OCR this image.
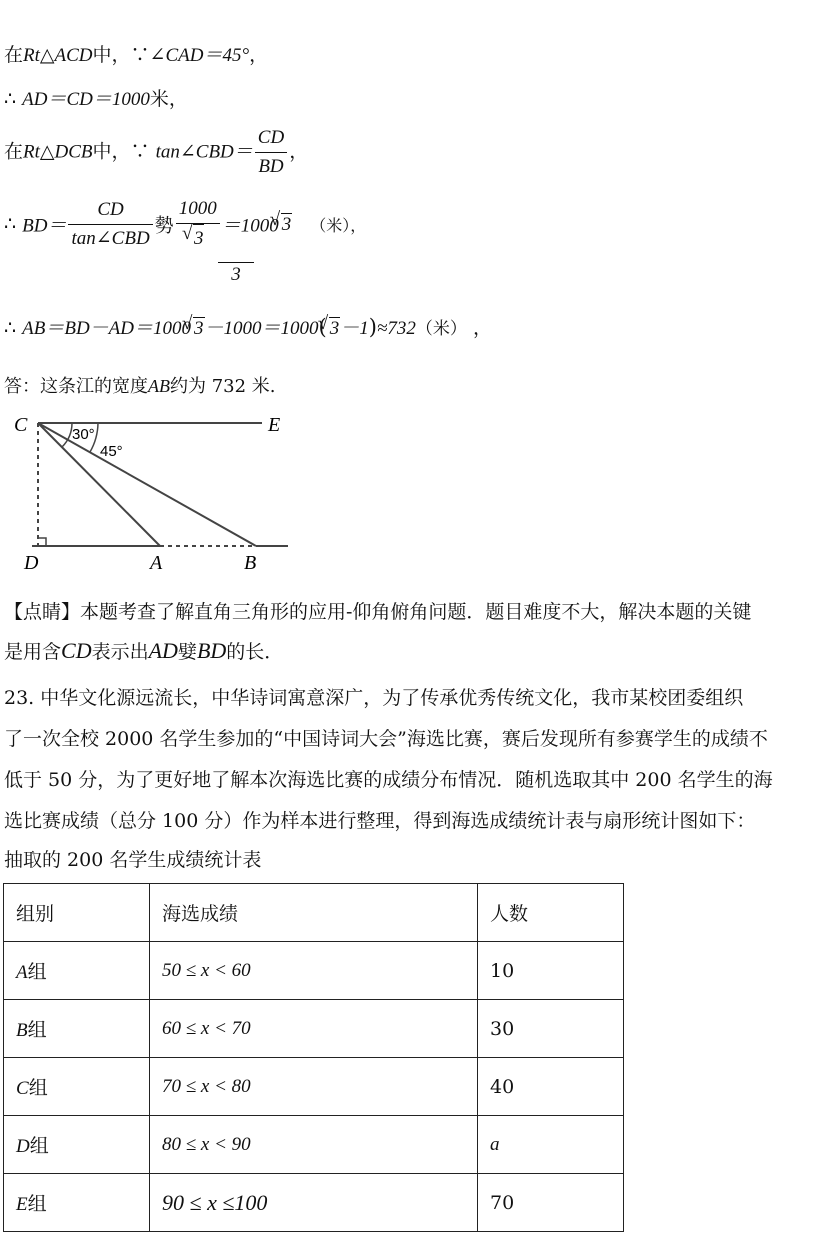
在Rt△ACD中，∵∠CAD＝45°，
∴ AD＝CD＝1000米，
在Rt△DCB中，∵ tan∠CBD＝ $\frac{CD}{BD}$ ，
∴ $BD= \frac{CD}{\text{tan∠CBD}}$ 勢 1000
√ 3 ＝1000 √ 3 （米），
3
∴ AB＝BD－AD＝1000 √ 3－1000＝1000( √ 3－1)≈732（米） ，
答：这条江的宽度AB约为 732 米.
C	E
D	A	B
30°
45°
【点睛】本题考查了解直角三角形的应用-仰角俯角问题．题目难度不大，解决本题的关键
是用含CD表示出AD嬖BD的长．
23. 中华文化源远流长，中华诗词寓意深广，为了传承优秀传统文化，我市某校团委组织
了一次全校 2000 名学生参加的“中国诗词大会”海选比赛，赛后发现所有参赛学生的成绩不
低于 50 分，为了更好地了解本次海选比赛的成绩分布情况．随机选取其中 200 名学生的海
选比赛成绩（总分 100 分）作为样本进行整理，得到海选成绩统计表与扇形统计图如下：
抽取的 200 名学生成绩统计表
组别	海选成绩	人数
A组	50 ≤ x < 60	10
B组	60 ≤ x < 70	30
C组	70 ≤ x < 80	40
D组	80 ≤ x < 90	a
E组	90 ≤ x ≤100	70
